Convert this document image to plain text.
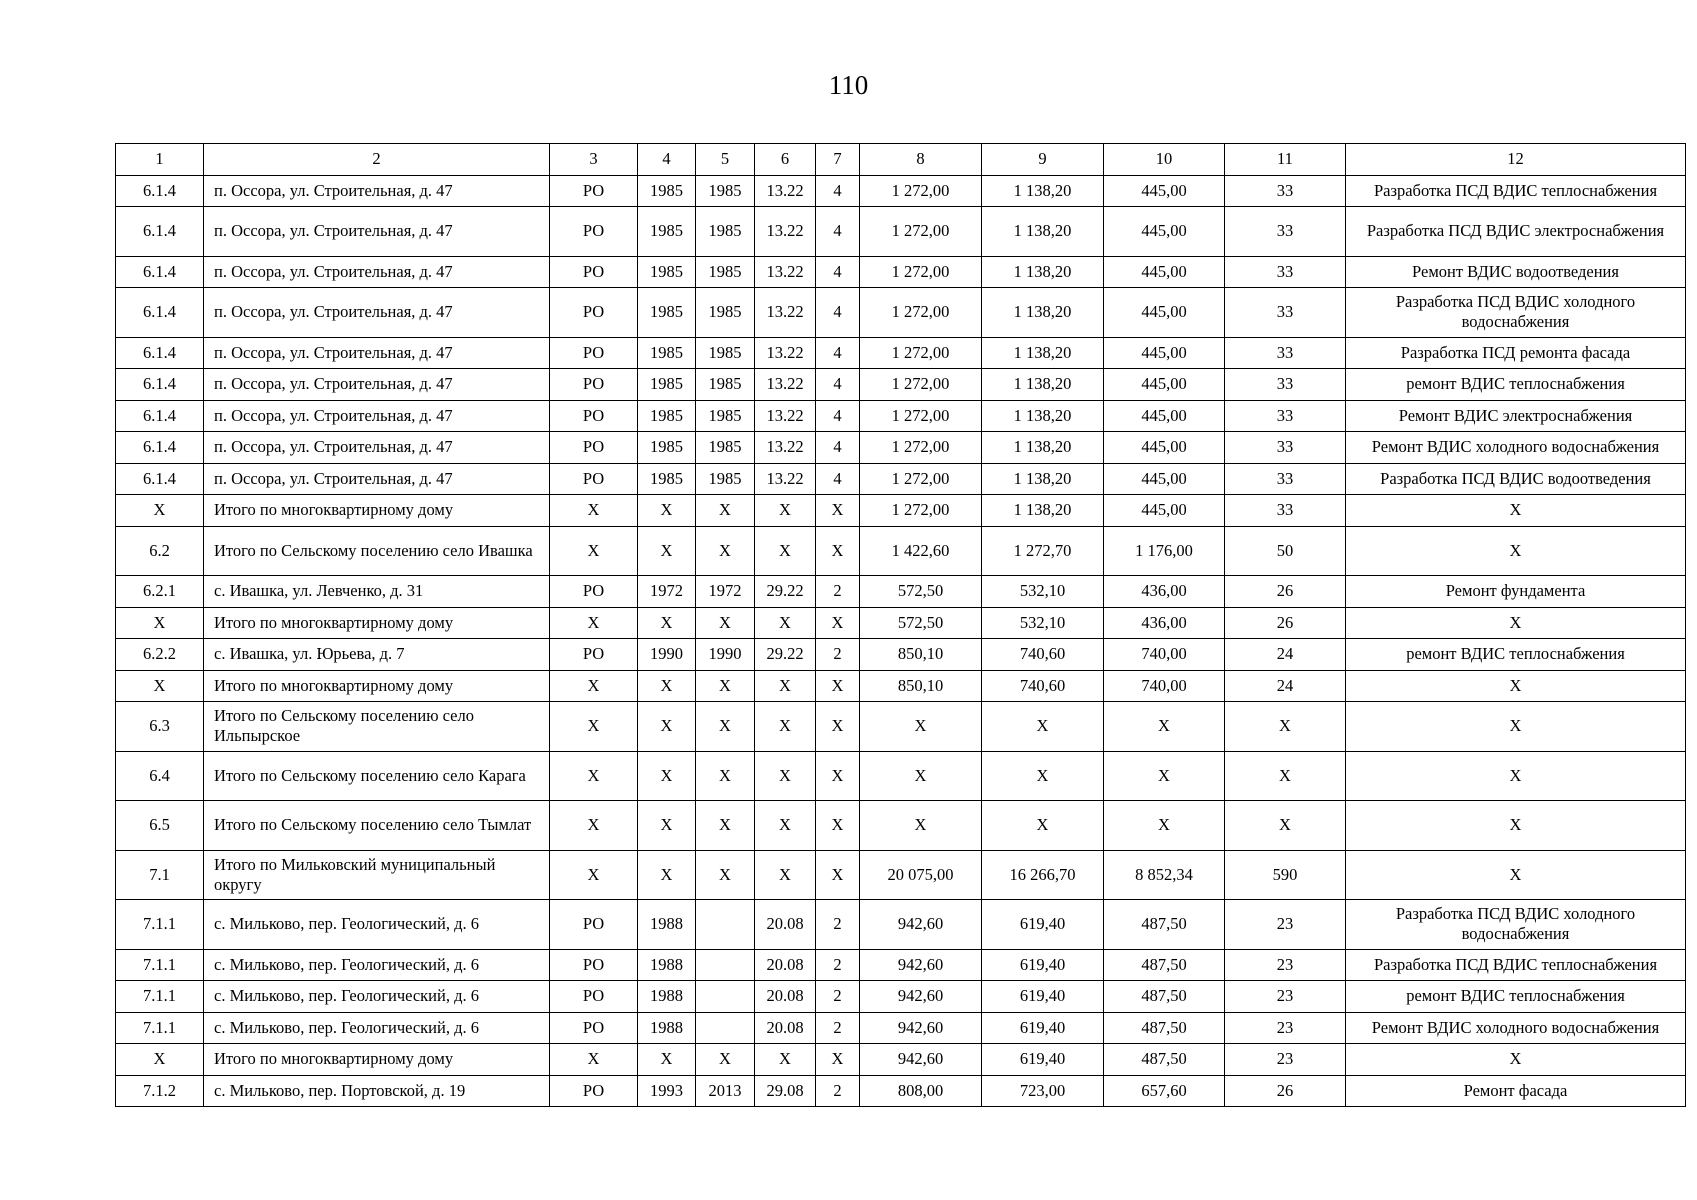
110
1	2	3	4	5	6	7	8	9	10	11	12
6.1.4	п. Оссора, ул. Строительная, д. 47	РО	1985	1985	13.22	4	1 272,00	1 138,20	445,00	33	Разработка ПСД ВДИС теплоснабжения
6.1.4	п. Оссора, ул. Строительная, д. 47	РО	1985	1985	13.22	4	1 272,00	1 138,20	445,00	33	Разработка ПСД ВДИС электроснабжения
6.1.4	п. Оссора, ул. Строительная, д. 47	РО	1985	1985	13.22	4	1 272,00	1 138,20	445,00	33	Ремонт ВДИС водоотведения
6.1.4	п. Оссора, ул. Строительная, д. 47	РО	1985	1985	13.22	4	1 272,00	1 138,20	445,00	33	Разработка ПСД ВДИС холодного водоснабжения
6.1.4	п. Оссора, ул. Строительная, д. 47	РО	1985	1985	13.22	4	1 272,00	1 138,20	445,00	33	Разработка ПСД ремонта фасада
6.1.4	п. Оссора, ул. Строительная, д. 47	РО	1985	1985	13.22	4	1 272,00	1 138,20	445,00	33	ремонт ВДИС теплоснабжения
6.1.4	п. Оссора, ул. Строительная, д. 47	РО	1985	1985	13.22	4	1 272,00	1 138,20	445,00	33	Ремонт ВДИС электроснабжения
6.1.4	п. Оссора, ул. Строительная, д. 47	РО	1985	1985	13.22	4	1 272,00	1 138,20	445,00	33	Ремонт ВДИС холодного водоснабжения
6.1.4	п. Оссора, ул. Строительная, д. 47	РО	1985	1985	13.22	4	1 272,00	1 138,20	445,00	33	Разработка ПСД ВДИС водоотведения
Х	Итого по многоквартирному дому	Х	Х	Х	Х	Х	1 272,00	1 138,20	445,00	33	Х
6.2	Итого по Сельскому поселению село Ивашка	Х	Х	Х	Х	Х	1 422,60	1 272,70	1 176,00	50	Х
6.2.1	с. Ивашка, ул. Левченко, д. 31	РО	1972	1972	29.22	2	572,50	532,10	436,00	26	Ремонт фундамента
Х	Итого по многоквартирному дому	Х	Х	Х	Х	Х	572,50	532,10	436,00	26	Х
6.2.2	с. Ивашка, ул. Юрьева, д. 7	РО	1990	1990	29.22	2	850,10	740,60	740,00	24	ремонт ВДИС теплоснабжения
Х	Итого по многоквартирному дому	Х	Х	Х	Х	Х	850,10	740,60	740,00	24	Х
6.3	Итого по Сельскому поселению село Ильпырское	Х	Х	Х	Х	Х	Х	Х	Х	Х	Х
6.4	Итого по Сельскому поселению село Карага	Х	Х	Х	Х	Х	Х	Х	Х	Х	Х
6.5	Итого по Сельскому поселению село Тымлат	Х	Х	Х	Х	Х	Х	Х	Х	Х	Х
7.1	Итого по Мильковский муниципальный округу	Х	Х	Х	Х	Х	20 075,00	16 266,70	8 852,34	590	Х
7.1.1	с. Мильково, пер. Геологический, д. 6	РО	1988		20.08	2	942,60	619,40	487,50	23	Разработка ПСД ВДИС холодного водоснабжения
7.1.1	с. Мильково, пер. Геологический, д. 6	РО	1988		20.08	2	942,60	619,40	487,50	23	Разработка ПСД ВДИС теплоснабжения
7.1.1	с. Мильково, пер. Геологический, д. 6	РО	1988		20.08	2	942,60	619,40	487,50	23	ремонт ВДИС теплоснабжения
7.1.1	с. Мильково, пер. Геологический, д. 6	РО	1988		20.08	2	942,60	619,40	487,50	23	Ремонт ВДИС холодного водоснабжения
Х	Итого по многоквартирному дому	Х	Х	Х	Х	Х	942,60	619,40	487,50	23	Х
7.1.2	с. Мильково, пер. Портовской, д. 19	РО	1993	2013	29.08	2	808,00	723,00	657,60	26	Ремонт фасада
